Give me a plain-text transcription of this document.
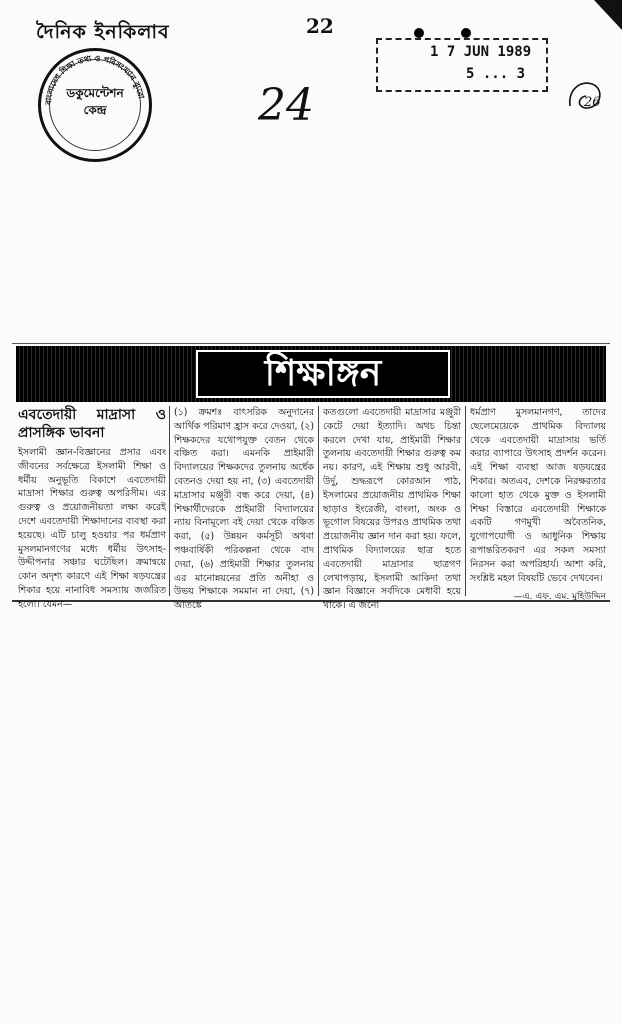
দৈনিক ইনকিলাব	22
বাংলাদেশ শিক্ষা তথ্য ও পরিসংখ্যান ব্যুরো
ডকুমেন্টেশন
কেন্দ্র
1 7 JUN 1989
5 ... 3
24	26
শিক্ষাঙ্গন
এবতেদায়ী মাদ্রাসা ও প্রাসঙ্গিক ভাবনা

ইসলামী জ্ঞান-বিজ্ঞানের প্রসার এবং জীবনের সর্বক্ষেত্রে ইসলামী শিক্ষা ও ধর্মীয় অনুভূতি বিকাশে এবতেদায়ী মাদ্রাসা শিক্ষার গুরুত্ব অপরিসীম। এর গুরুত্ব ও প্রয়োজনীয়তা লক্ষ্য করেই দেশে এবতেদায়ী শিক্ষাদানের ব্যবস্থা করা হয়েছে। এটি চালু হওয়ার পর ধর্মপ্রাণ মুসলমানগণের মধ্যে ধর্মীয় উৎসাহ-উদ্দীপনার সঞ্চার ঘটেছিল। ক্রমান্বয়ে কোন অদৃশ্য কারণে এই শিক্ষা ষড়যন্ত্রের শিকার হয়ে নানাবিধ সমস্যায় জর্জরিত হলো। যেমন—

(১) ক্রমশঃ বাৎসরিক অনুদানের আর্থিক পরিমাণ হ্রাস করে দেওয়া, (২) শিক্ষকদের যথোপযুক্ত বেতন থেকে বঞ্চিত করা। এমনকি প্রাইমারী বিদ্যালয়ের শিক্ষকদের তুলনায় অর্ধেক বেতনও দেয়া হয় না, (৩) এবতেদায়ী মাদ্রাসার মঞ্জুরী বন্ধ করে দেয়া, (৪) শিক্ষার্থীদেরকে প্রাইমারী বিদ্যালয়ের ন্যায় বিনামূল্যে বই দেয়া থেকে বঞ্চিত করা, (৫) উন্নয়ন কর্মসূচী অথবা পঞ্চবার্ষিকী পরিকল্পনা থেকে বাদ দেয়া, (৬) প্রাইমারী শিক্ষার তুলনায় এর মানোন্নয়নের প্রতি অনীহা ও উভয় শিক্ষাকে সমমান না দেয়া, (৭) আতঙ্কে

কতগুলো এবতেদায়ী মাদ্রাসার মঞ্জুরী কেটে দেয়া ইত্যাদি। অথচ চিন্তা করলে দেখা যায়, প্রাইমারী শিক্ষার তুলনায় এবতেদায়ী শিক্ষার গুরুত্ব কম নয়। কারণ, এই শিক্ষায় শুধু আরবী, উর্দু, শুদ্ধরূপে কোরআন পাঠ, ইসলামের প্রয়োজনীয় প্রাথমিক শিক্ষা ছাড়াও ইংরেজী, বাংলা, অংক ও ভূগোল বিষয়ের উপরও প্রাথমিক তথা প্রয়োজনীয় জ্ঞান দান করা হয়। ফলে, প্রাথমিক বিদ্যালয়ের ছাত্র হতে এবতেদায়ী মাদ্রাসার ছাত্রগণ লেখাপড়ায়, ইসলামী আকিদা তথা জ্ঞান বিজ্ঞানে সর্বদিকে মেধাবী হয়ে থাকে। এ জন্যে

ধর্মপ্রাণ মুসলমানগণ, তাদের ছেলেমেয়েকে প্রাথমিক বিদ্যালয় থেকে এবতেদায়ী মাদ্রাসায় ভর্তি করার ব্যাপারে উৎসাহ প্রদর্শন করেন। এই শিক্ষা ব্যবস্থা আজ ষড়যন্ত্রের শিকার। অতএব, দেশকে নিরক্ষরতার কালো হাত থেকে মুক্ত ও ইসলামী শিক্ষা বিস্তারে এবতেদায়ী শিক্ষাকে একটি গণমুখী অবৈতনিক, যুগোপযোগী ও আধুনিক শিক্ষায় রূপান্তরিতকরণ এর সকল সমস্যা নিরসন করা অপরিহার্য। আশা করি, সংশ্লিষ্ট মহল বিষয়টি ভেবে দেখবেন।

—এ. এফ. এম. মুহিউদ্দিন
